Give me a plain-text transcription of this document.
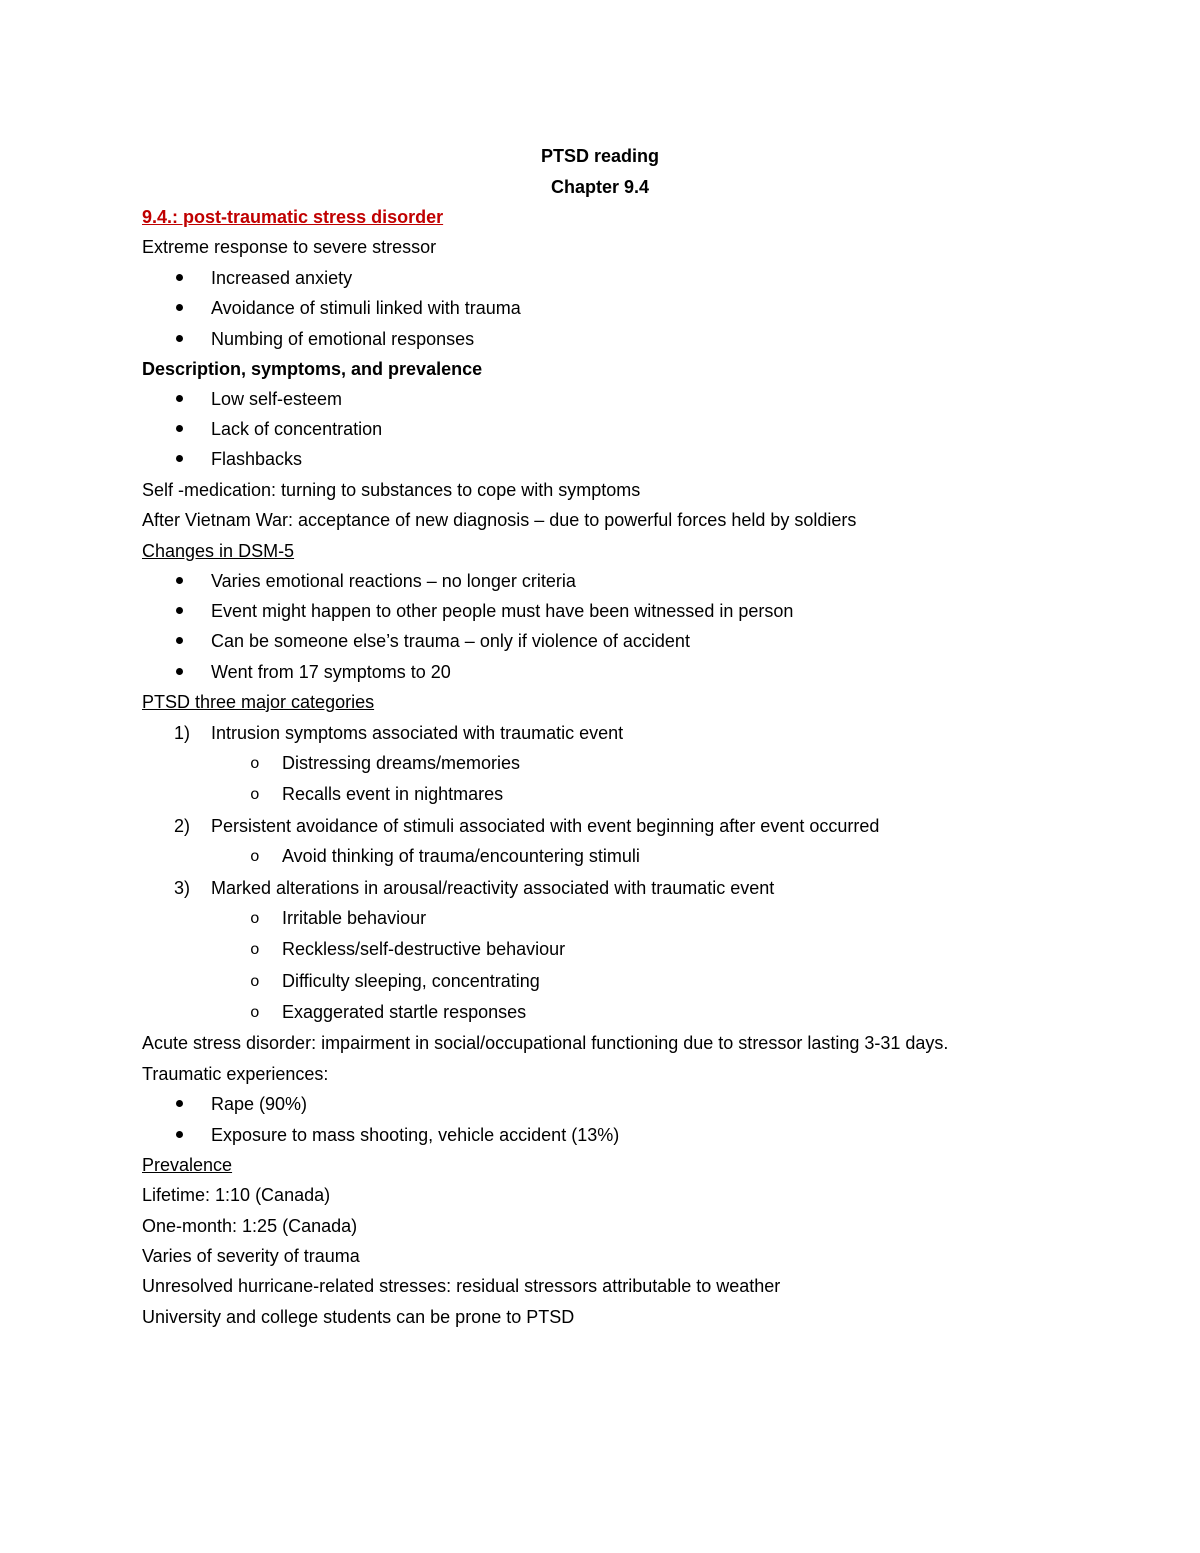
PTSD reading
Chapter 9.4
9.4.: post-traumatic stress disorder
Extreme response to severe stressor
Increased anxiety
Avoidance of stimuli linked with trauma
Numbing of emotional responses
Description, symptoms, and prevalence
Low self-esteem
Lack of concentration
Flashbacks
Self -medication: turning to substances to cope with symptoms
After Vietnam War: acceptance of new diagnosis – due to powerful forces held by soldiers
Changes in DSM-5
Varies emotional reactions – no longer criteria
Event might happen to other people must have been witnessed in person
Can be someone else’s trauma – only if violence of accident
Went from 17 symptoms to 20
PTSD three major categories
1) Intrusion symptoms associated with traumatic event
o Distressing dreams/memories
o Recalls event in nightmares
2) Persistent avoidance of stimuli associated with event beginning after event occurred
o Avoid thinking of trauma/encountering stimuli
3) Marked alterations in arousal/reactivity associated with traumatic event
o Irritable behaviour
o Reckless/self-destructive behaviour
o Difficulty sleeping, concentrating
o Exaggerated startle responses
Acute stress disorder: impairment in social/occupational functioning due to stressor lasting 3-31 days.
Traumatic experiences:
Rape (90%)
Exposure to mass shooting, vehicle accident (13%)
Prevalence
Lifetime: 1:10 (Canada)
One-month: 1:25 (Canada)
Varies of severity of trauma
Unresolved hurricane-related stresses: residual stressors attributable to weather
University and college students can be prone to PTSD
